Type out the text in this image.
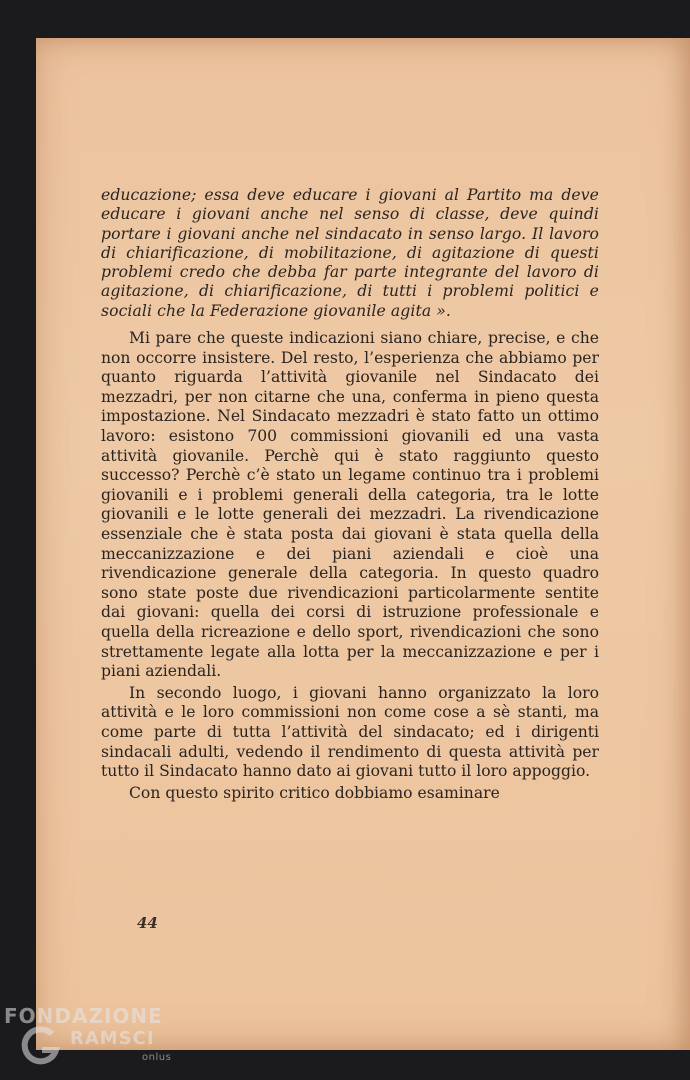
educazione; essa deve educare i giovani al Partito ma deve educare i giovani anche nel senso di classe, deve quindi portare i giovani anche nel sindacato in senso largo. Il lavoro di chiarificazione, di mobilitazione, di agitazione di questi problemi credo che debba far parte integrante del lavoro di agitazione, di chiarificazione, di tutti i problemi politici e sociali che la Federazione giovanile agita ».

Mi pare che queste indicazioni siano chiare, precise, e che non occorre insistere. Del resto, l’esperienza che abbiamo per quanto riguarda l’attività giovanile nel Sindacato dei mezzadri, per non citarne che una, conferma in pieno questa impostazione. Nel Sindacato mezzadri è stato fatto un ottimo lavoro: esistono 700 commissioni giovanili ed una vasta attività giovanile. Perchè qui è stato raggiunto questo successo? Perchè c’è stato un legame continuo tra i problemi giovanili e i problemi generali della categoria, tra le lotte giovanili e le lotte generali dei mezzadri. La rivendicazione essenziale che è stata posta dai giovani è stata quella della meccanizzazione e dei piani aziendali e cioè una rivendicazione generale della categoria. In questo quadro sono state poste due rivendicazioni particolarmente sentite dai giovani: quella dei corsi di istruzione professionale e quella della ricreazione e dello sport, rivendicazioni che sono strettamente legate alla lotta per la meccanizzazione e per i piani aziendali.

In secondo luogo, i giovani hanno organizzato la loro attività e le loro commissioni non come cose a sè stanti, ma come parte di tutta l’attività del sindacato; ed i dirigenti sindacali adulti, vedendo il rendimento di questa attività per tutto il Sindacato hanno dato ai giovani tutto il loro appoggio.

Con questo spirito critico dobbiamo esaminare

44
FONDAZIONE
RAMSCI
onlus
